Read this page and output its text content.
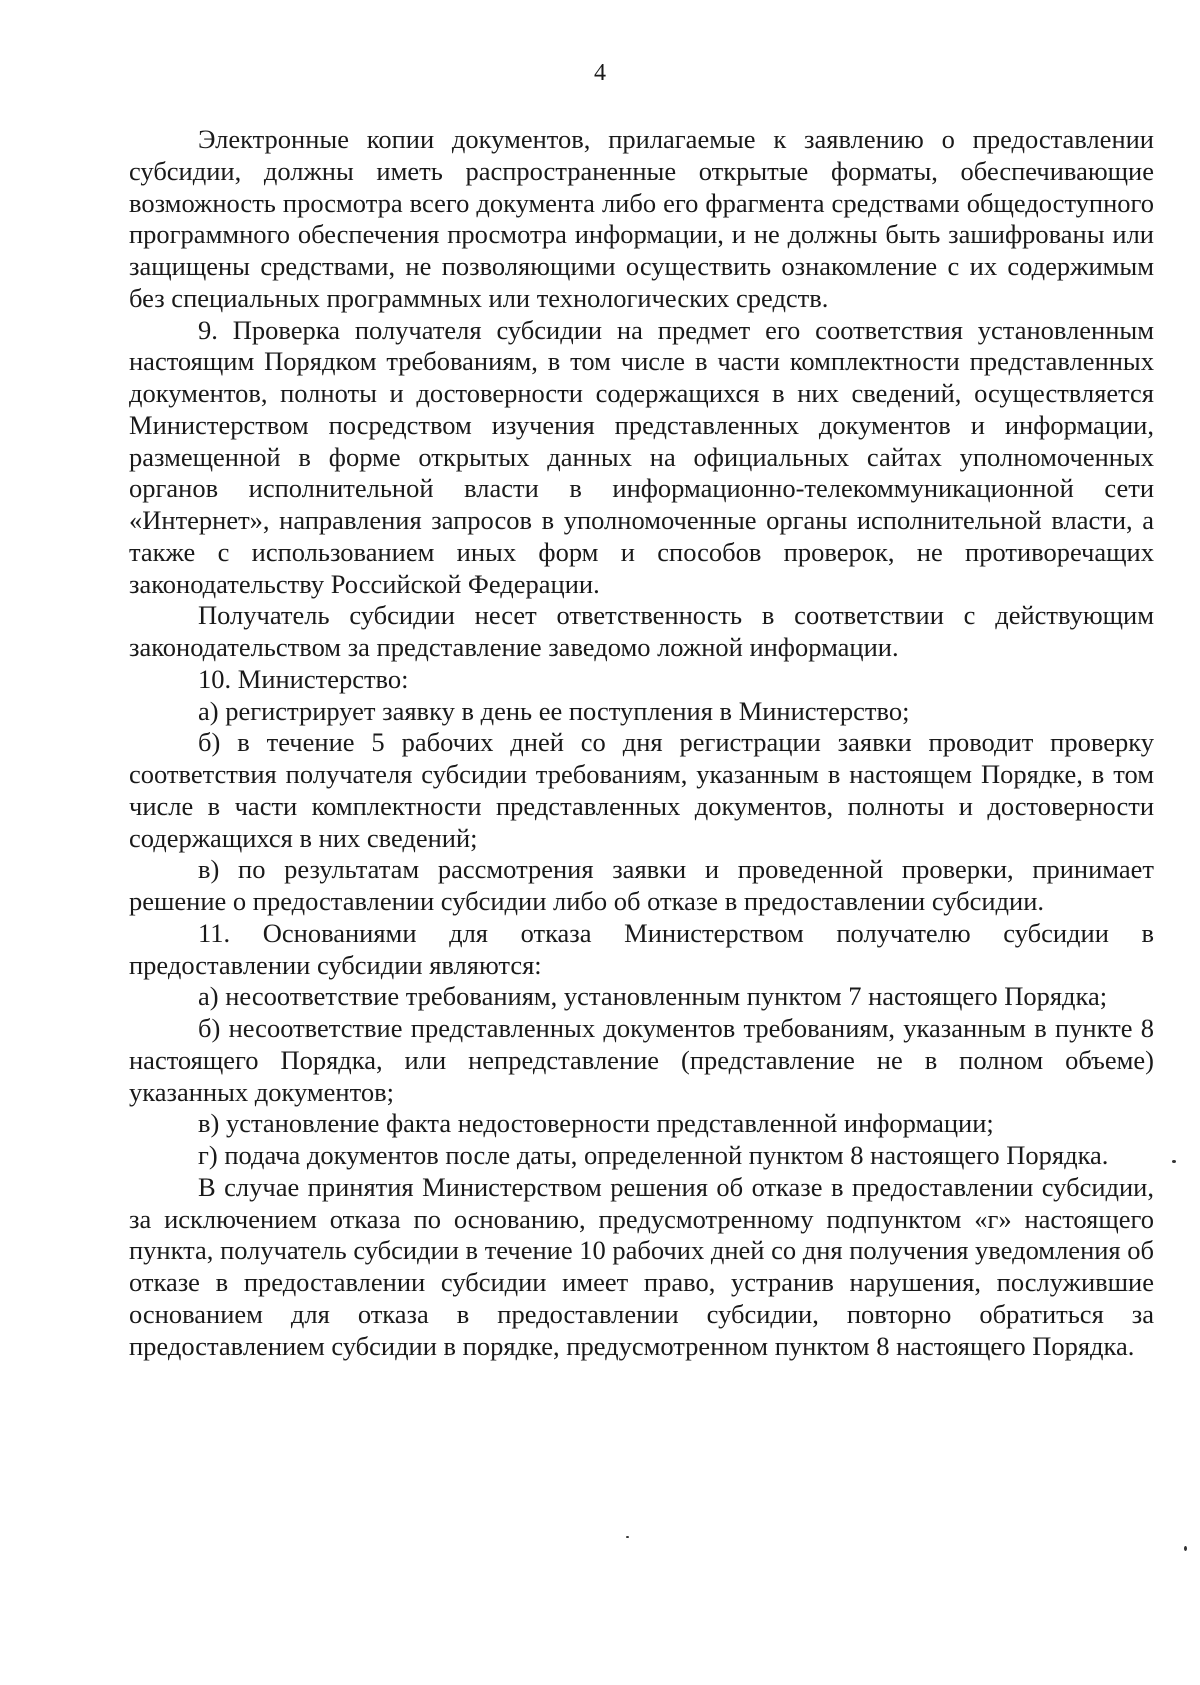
4

Электронные копии документов, прилагаемые к заявлению о предоставлении субсидии, должны иметь распространенные открытые форматы, обеспечивающие возможность просмотра всего документа либо его фрагмента средствами общедоступного программного обеспечения просмотра информации, и не должны быть зашифрованы или защищены средствами, не позволяющими осуществить ознакомление с их содержимым без специальных программных или технологических средств.

9. Проверка получателя субсидии на предмет его соответствия установленным настоящим Порядком требованиям, в том числе в части комплектности представленных документов, полноты и достоверности содержащихся в них сведений, осуществляется Министерством посредством изучения представленных документов и информации, размещенной в форме открытых данных на официальных сайтах уполномоченных органов исполнительной власти в информационно-телекоммуникационной сети «Интернет», направления запросов в уполномоченные органы исполнительной власти, а также с использованием иных форм и способов проверок, не противоречащих законодательству Российской Федерации.

Получатель субсидии несет ответственность в соответствии с действующим законодательством за представление заведомо ложной информации.

10. Министерство:

а) регистрирует заявку в день ее поступления в Министерство;

б) в течение 5 рабочих дней со дня регистрации заявки проводит проверку соответствия получателя субсидии требованиям, указанным в настоящем Порядке, в том числе в части комплектности представленных документов, полноты и достоверности содержащихся в них сведений;

в) по результатам рассмотрения заявки и проведенной проверки, принимает решение о предоставлении субсидии либо об отказе в предоставлении субсидии.

11. Основаниями для отказа Министерством получателю субсидии в предоставлении субсидии являются:

а) несоответствие требованиям, установленным пунктом 7 настоящего Порядка;

б) несоответствие представленных документов требованиям, указанным в пункте 8 настоящего Порядка, или непредставление (представление не в полном объеме) указанных документов;

в) установление факта недостоверности представленной информации;

г) подача документов после даты, определенной пунктом 8 настоящего Порядка.

В случае принятия Министерством решения об отказе в предоставлении субсидии, за исключением отказа по основанию, предусмотренному подпунктом «г» настоящего пункта, получатель субсидии в течение 10 рабочих дней со дня получения уведомления об отказе в предоставлении субсидии имеет право, устранив нарушения, послужившие основанием для отказа в предоставлении субсидии, повторно обратиться за предоставлением субсидии в порядке, предусмотренном пунктом 8 настоящего Порядка.
